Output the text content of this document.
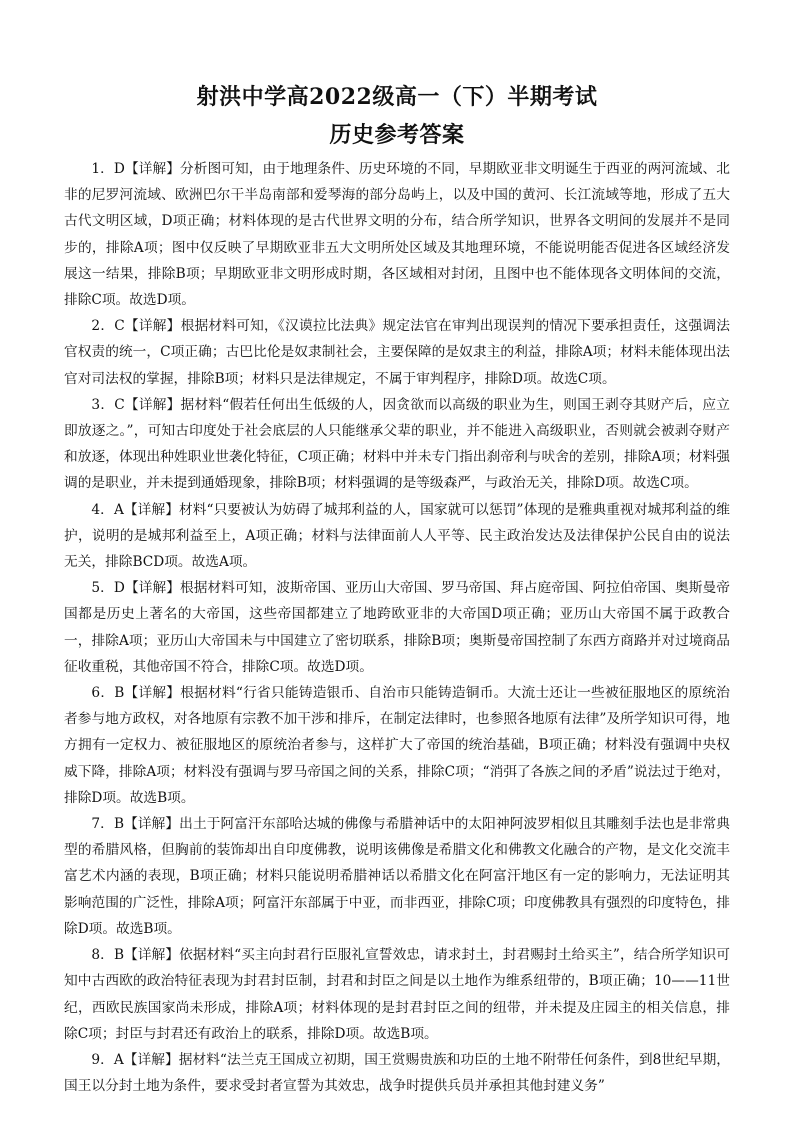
射洪中学高2022级高一（下）半期考试
历史参考答案

1．D【详解】分析图可知，由于地理条件、历史环境的不同，早期欧亚非文明诞生于西亚的两河流域、北非的尼罗河流域、欧洲巴尔干半岛南部和爱琴海的部分岛屿上，以及中国的黄河、长江流域等地，形成了五大古代文明区域，D项正确；材料体现的是古代世界文明的分布，结合所学知识，世界各文明间的发展并不是同步的，排除A项；图中仅反映了早期欧亚非五大文明所处区域及其地理环境，不能说明能否促进各区域经济发展这一结果，排除B项；早期欧亚非文明形成时期，各区域相对封闭，且图中也不能体现各文明体间的交流，排除C项。故选D项。

2．C【详解】根据材料可知，《汉谟拉比法典》规定法官在审判出现误判的情况下要承担责任，这强调法官权责的统一，C项正确；古巴比伦是奴隶制社会，主要保障的是奴隶主的利益，排除A项；材料未能体现出法官对司法权的掌握，排除B项；材料只是法律规定，不属于审判程序，排除D项。故选C项。

3．C【详解】据材料“假若任何出生低级的人，因贪欲而以高级的职业为生，则国王剥夺其财产后，应立即放逐之。”，可知古印度处于社会底层的人只能继承父辈的职业，并不能进入高级职业，否则就会被剥夺财产和放逐，体现出种姓职业世袭化特征，C项正确；材料中并未专门指出刹帝利与吠舍的差别，排除A项；材料强调的是职业，并未提到通婚现象，排除B项；材料强调的是等级森严，与政治无关，排除D项。故选C项。

4．A【详解】材料“只要被认为妨碍了城邦利益的人，国家就可以惩罚”体现的是雅典重视对城邦利益的维护，说明的是城邦利益至上，A项正确；材料与法律面前人人平等、民主政治发达及法律保护公民自由的说法无关，排除BCD项。故选A项。

5．D【详解】根据材料可知，波斯帝国、亚历山大帝国、罗马帝国、拜占庭帝国、阿拉伯帝国、奥斯曼帝国都是历史上著名的大帝国，这些帝国都建立了地跨欧亚非的大帝国D项正确；亚历山大帝国不属于政教合一，排除A项；亚历山大帝国未与中国建立了密切联系，排除B项；奥斯曼帝国控制了东西方商路并对过境商品征收重税，其他帝国不符合，排除C项。故选D项。

6．B【详解】根据材料“行省只能铸造银币、自治市只能铸造铜币。大流士还让一些被征服地区的原统治者参与地方政权，对各地原有宗教不加干涉和排斥，在制定法律时，也参照各地原有法律”及所学知识可得，地方拥有一定权力、被征服地区的原统治者参与，这样扩大了帝国的统治基础，B项正确；材料没有强调中央权威下降，排除A项；材料没有强调与罗马帝国之间的关系，排除C项；“消弭了各族之间的矛盾”说法过于绝对，排除D项。故选B项。

7．B【详解】出土于阿富汗东部哈达城的佛像与希腊神话中的太阳神阿波罗相似且其雕刻手法也是非常典型的希腊风格，但胸前的装饰却出自印度佛教，说明该佛像是希腊文化和佛教文化融合的产物，是文化交流丰富艺术内涵的表现，B项正确；材料只能说明希腊神话以希腊文化在阿富汗地区有一定的影响力，无法证明其影响范围的广泛性，排除A项；阿富汗东部属于中亚，而非西亚，排除C项；印度佛教具有强烈的印度特色，排除D项。故选B项。

8．B【详解】依据材料“买主向封君行臣服礼宣誓效忠，请求封土，封君赐封土给买主”，结合所学知识可知中古西欧的政治特征表现为封君封臣制，封君和封臣之间是以土地作为维系纽带的，B项正确；10——11世纪，西欧民族国家尚未形成，排除A项；材料体现的是封君封臣之间的纽带，并未提及庄园主的相关信息，排除C项；封臣与封君还有政治上的联系，排除D项。故选B项。

9．A【详解】据材料“法兰克王国成立初期，国王赏赐贵族和功臣的土地不附带任何条件，到8世纪早期，国王以分封土地为条件，要求受封者宣誓为其效忠，战争时提供兵员并承担其他封建义务”
